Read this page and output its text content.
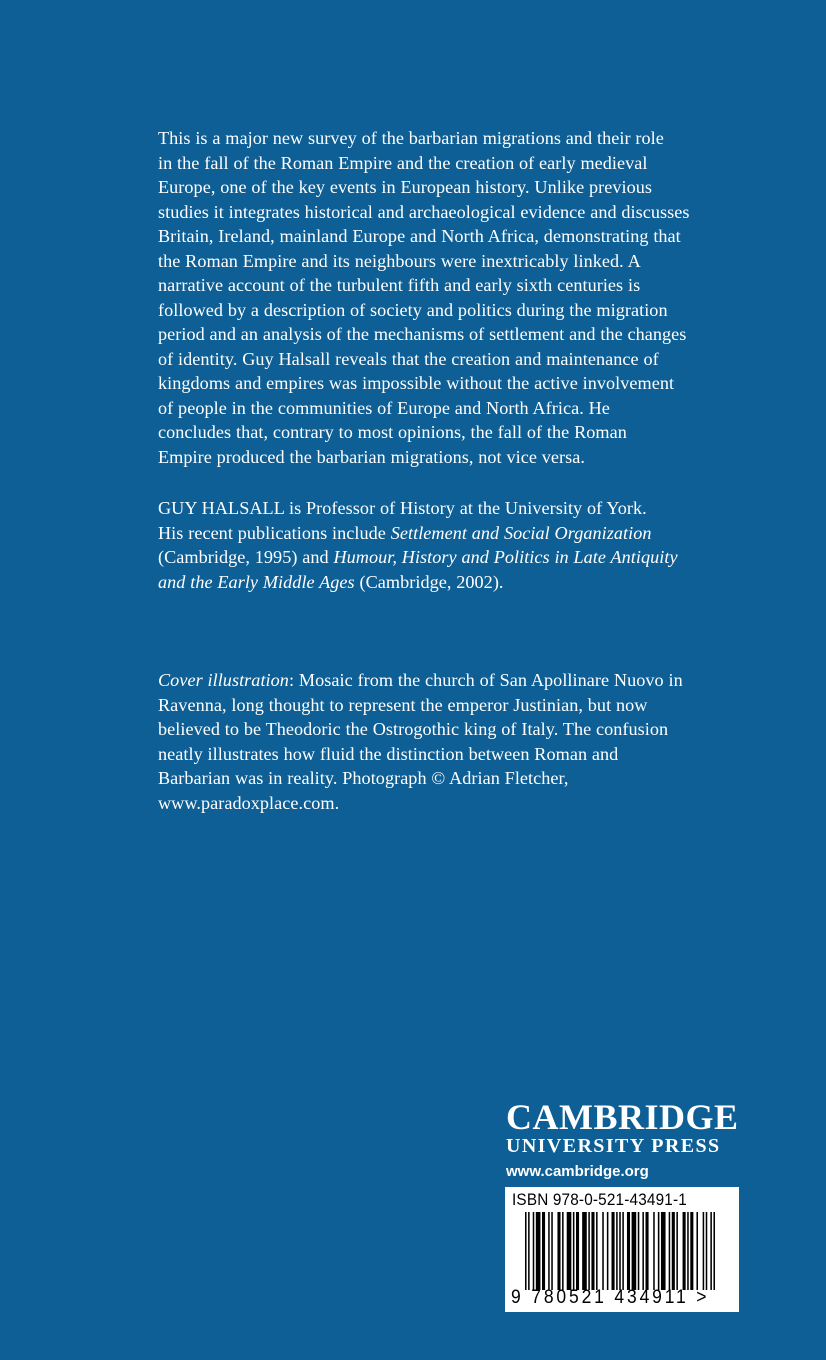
This is a major new survey of the barbarian migrations and their role
in the fall of the Roman Empire and the creation of early medieval
Europe, one of the key events in European history. Unlike previous
studies it integrates historical and archaeological evidence and discusses
Britain, Ireland, mainland Europe and North Africa, demonstrating that
the Roman Empire and its neighbours were inextricably linked. A
narrative account of the turbulent fifth and early sixth centuries is
followed by a description of society and politics during the migration
period and an analysis of the mechanisms of settlement and the changes
of identity. Guy Halsall reveals that the creation and maintenance of
kingdoms and empires was impossible without the active involvement
of people in the communities of Europe and North Africa. He
concludes that, contrary to most opinions, the fall of the Roman
Empire produced the barbarian migrations, not vice versa.
GUY HALSALL is Professor of History at the University of York.
His recent publications include Settlement and Social Organization
(Cambridge, 1995) and Humour, History and Politics in Late Antiquity
and the Early Middle Ages (Cambridge, 2002).
Cover illustration: Mosaic from the church of San Apollinare Nuovo in
Ravenna, long thought to represent the emperor Justinian, but now
believed to be Theodoric the Ostrogothic king of Italy. The confusion
neatly illustrates how fluid the distinction between Roman and
Barbarian was in reality. Photograph © Adrian Fletcher,
www.paradoxplace.com.
CAMBRIDGE
UNIVERSITY PRESS
www.cambridge.org
ISBN 978-0-521-43491-1
9 780521 434911 >
